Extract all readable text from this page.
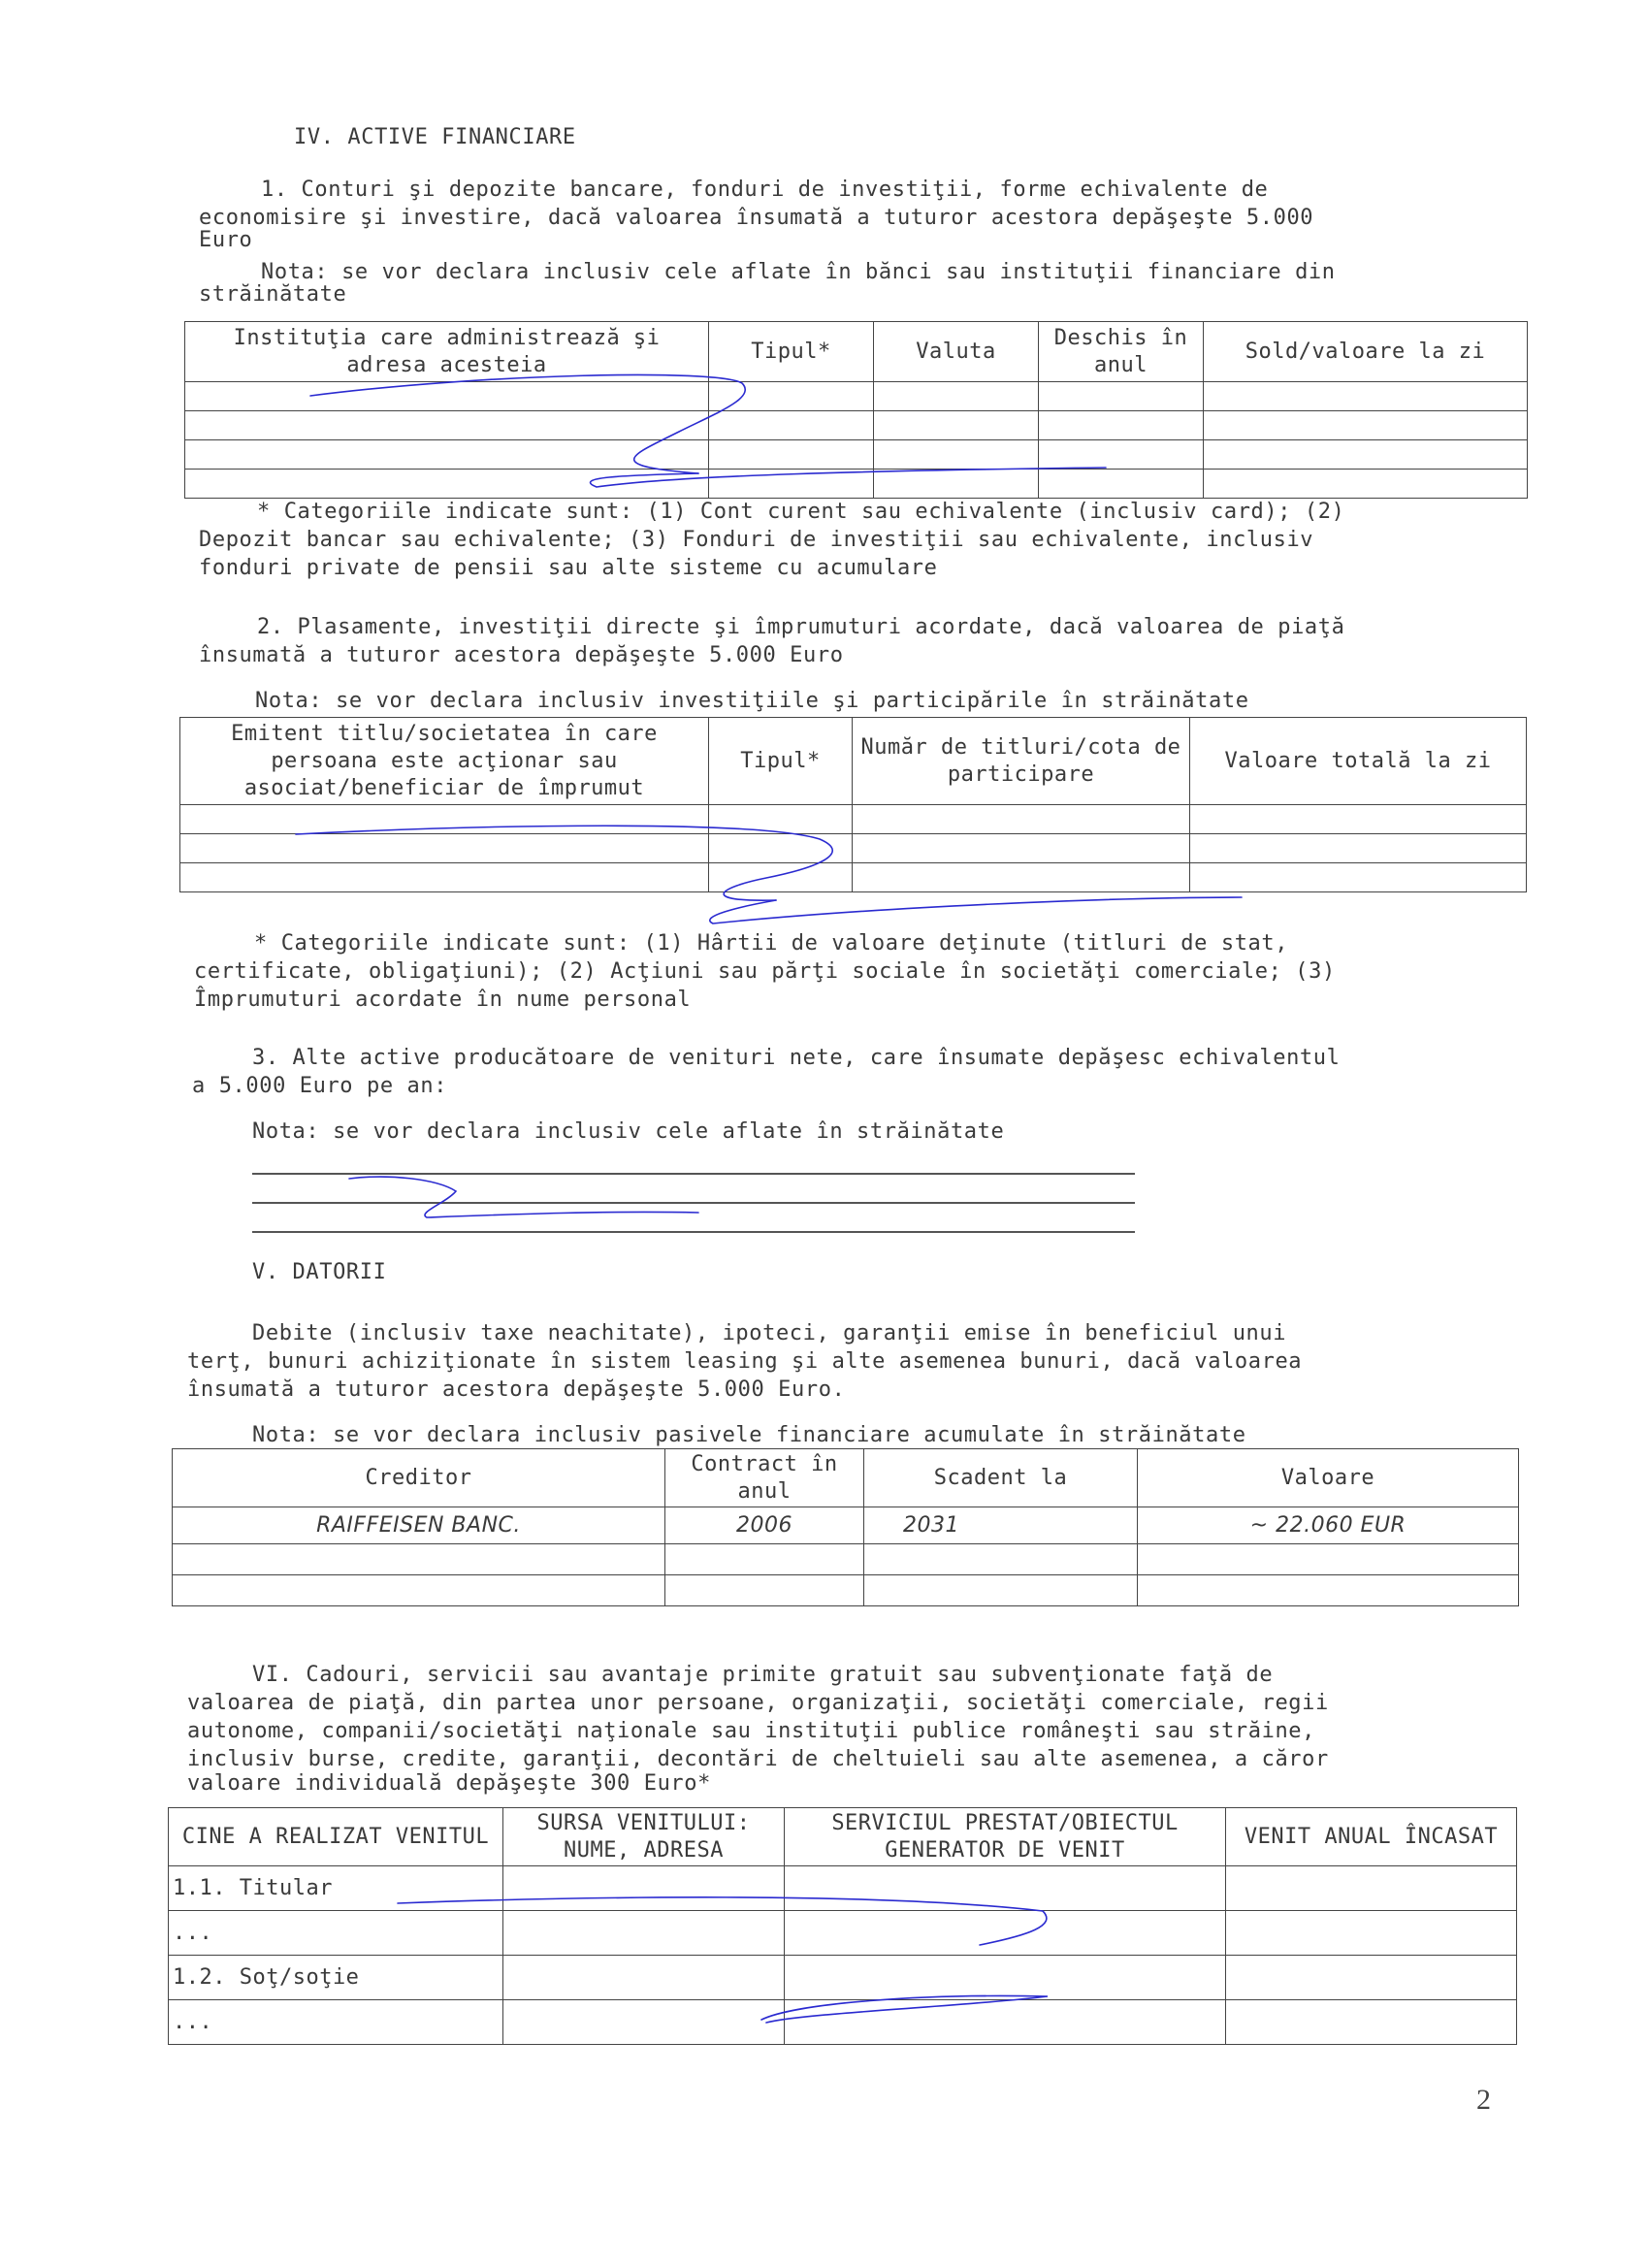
IV. ACTIVE FINANCIARE
1. Conturi şi depozite bancare, fonduri de investiţii, forme echivalente de
economisire şi investire, dacă valoarea însumată a tuturor acestora depăşeşte 5.000
Euro
Nota: se vor declara inclusiv cele aflate în bănci sau instituţii financiare din
străinătate
Instituţia care administrează şi adresa acesteia	Tipul*	Valuta	Deschis în anul	Sold/valoare la zi

* Categoriile indicate sunt: (1) Cont curent sau echivalente (inclusiv card); (2)
Depozit bancar sau echivalente; (3) Fonduri de investiţii sau echivalente, inclusiv
fonduri private de pensii sau alte sisteme cu acumulare
2. Plasamente, investiţii directe şi împrumuturi acordate, dacă valoarea de piaţă
însumată a tuturor acestora depăşeşte 5.000 Euro
Nota: se vor declara inclusiv investiţiile şi participările în străinătate
Emitent titlu/societatea în care persoana este acţionar sau asociat/beneficiar de împrumut	Tipul*	Număr de titluri/cota de participare	Valoare totală la zi

* Categoriile indicate sunt: (1) Hârtii de valoare deţinute (titluri de stat,
certificate, obligaţiuni); (2) Acţiuni sau părţi sociale în societăţi comerciale; (3)
Împrumuturi acordate în nume personal
3. Alte active producătoare de venituri nete, care însumate depăşesc echivalentul
a 5.000 Euro pe an:
Nota: se vor declara inclusiv cele aflate în străinătate
V. DATORII
Debite (inclusiv taxe neachitate), ipoteci, garanţii emise în beneficiul unui
terţ, bunuri achiziţionate în sistem leasing şi alte asemenea bunuri, dacă valoarea
însumată a tuturor acestora depăşeşte 5.000 Euro.
Nota: se vor declara inclusiv pasivele financiare acumulate în străinătate
Creditor	Contract în anul	Scadent la	Valoare
RAIFFEISEN BANC.	2006	2031	~ 22.060 EUR

VI. Cadouri, servicii sau avantaje primite gratuit sau subvenţionate faţă de
valoarea de piaţă, din partea unor persoane, organizaţii, societăţi comerciale, regii
autonome, companii/societăţi naţionale sau instituţii publice româneşti sau străine,
inclusiv burse, credite, garanţii, decontări de cheltuieli sau alte asemenea, a căror
valoare individuală depăşeşte 300 Euro*
CINE A REALIZAT VENITUL	SURSA VENITULUI: NUME, ADRESA	SERVICIUL PRESTAT/OBIECTUL GENERATOR DE VENIT	VENIT ANUAL ÎNCASAT
1.1. Titular			
...			
1.2. Soţ/soţie			
...			
2
